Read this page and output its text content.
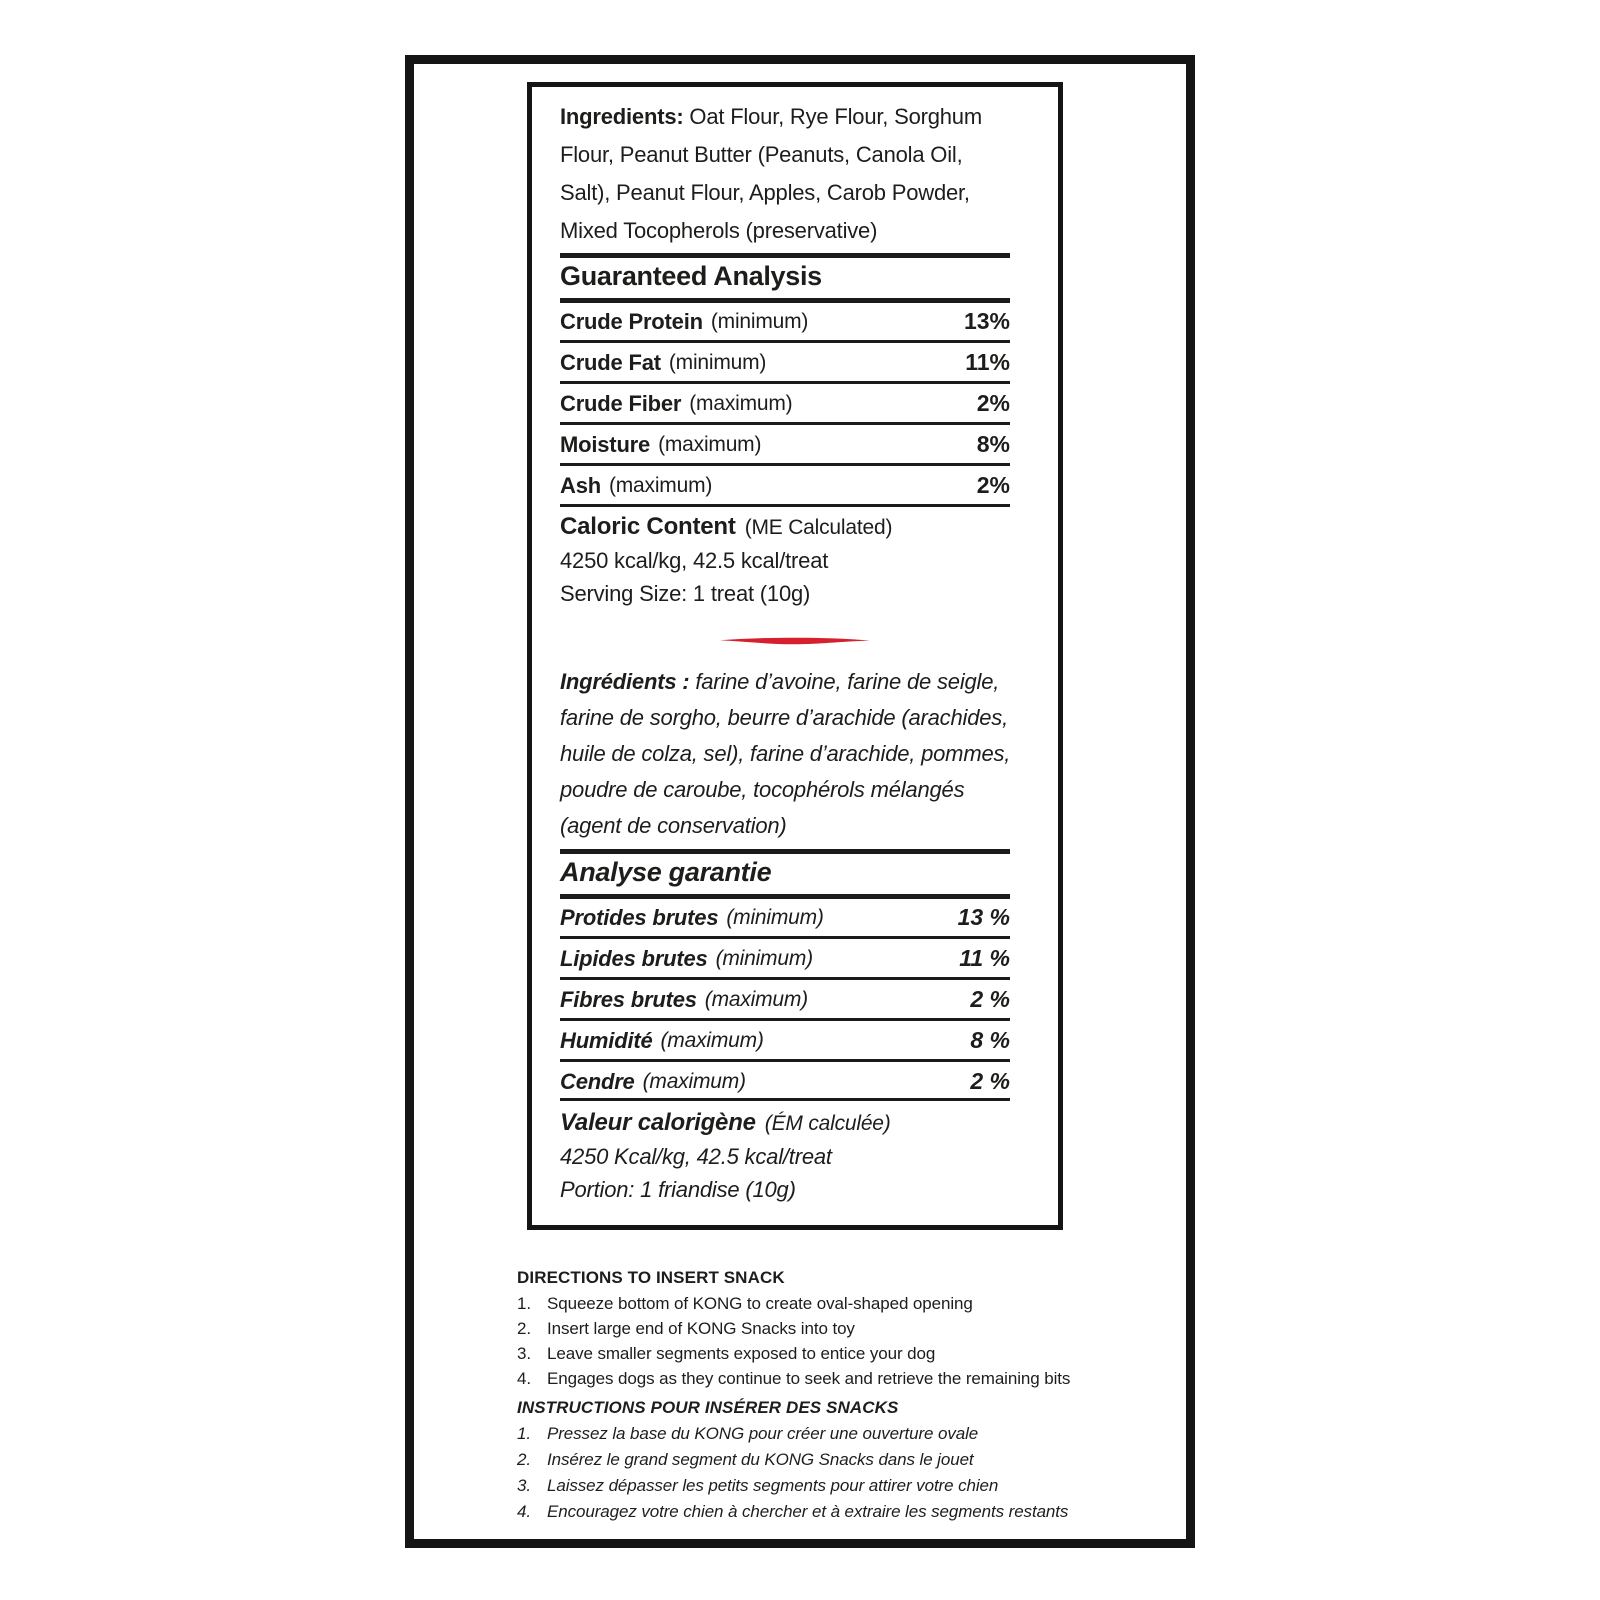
Ingredients: Oat Flour, Rye Flour, Sorghum
Flour, Peanut Butter (Peanuts, Canola Oil,
Salt), Peanut Flour, Apples, Carob Powder,
Mixed Tocopherols (preservative)
Guaranteed Analysis
Crude Protein (minimum)	13%
Crude Fat (minimum)	11%
Crude Fiber (maximum)	2%
Moisture (maximum)	8%
Ash (maximum)	2%
Caloric Content (ME Calculated)
4250 kcal/kg, 42.5 kcal/treat
Serving Size: 1 treat (10g)
Ingrédients : farine d’avoine, farine de seigle,
farine de sorgho, beurre d’arachide (arachides,
huile de colza, sel), farine d’arachide, pommes,
poudre de caroube, tocophérols mélangés
(agent de conservation)
Analyse garantie
Protides brutes (minimum)	13 %
Lipides brutes (minimum)	11 %
Fibres brutes (maximum)	2 %
Humidité (maximum)	8 %
Cendre (maximum)	2 %
Valeur calorigène (ÉM calculée)
4250 Kcal/kg, 42.5 kcal/treat
Portion: 1 friandise (10g)
DIRECTIONS TO INSERT SNACK
1. Squeeze bottom of KONG to create oval-shaped opening
2. Insert large end of KONG Snacks into toy
3. Leave smaller segments exposed to entice your dog
4. Engages dogs as they continue to seek and retrieve the remaining bits
INSTRUCTIONS POUR INSÉRER DES SNACKS
1. Pressez la base du KONG pour créer une ouverture ovale
2. Insérez le grand segment du KONG Snacks dans le jouet
3. Laissez dépasser les petits segments pour attirer votre chien
4. Encouragez votre chien à chercher et à extraire les segments restants
